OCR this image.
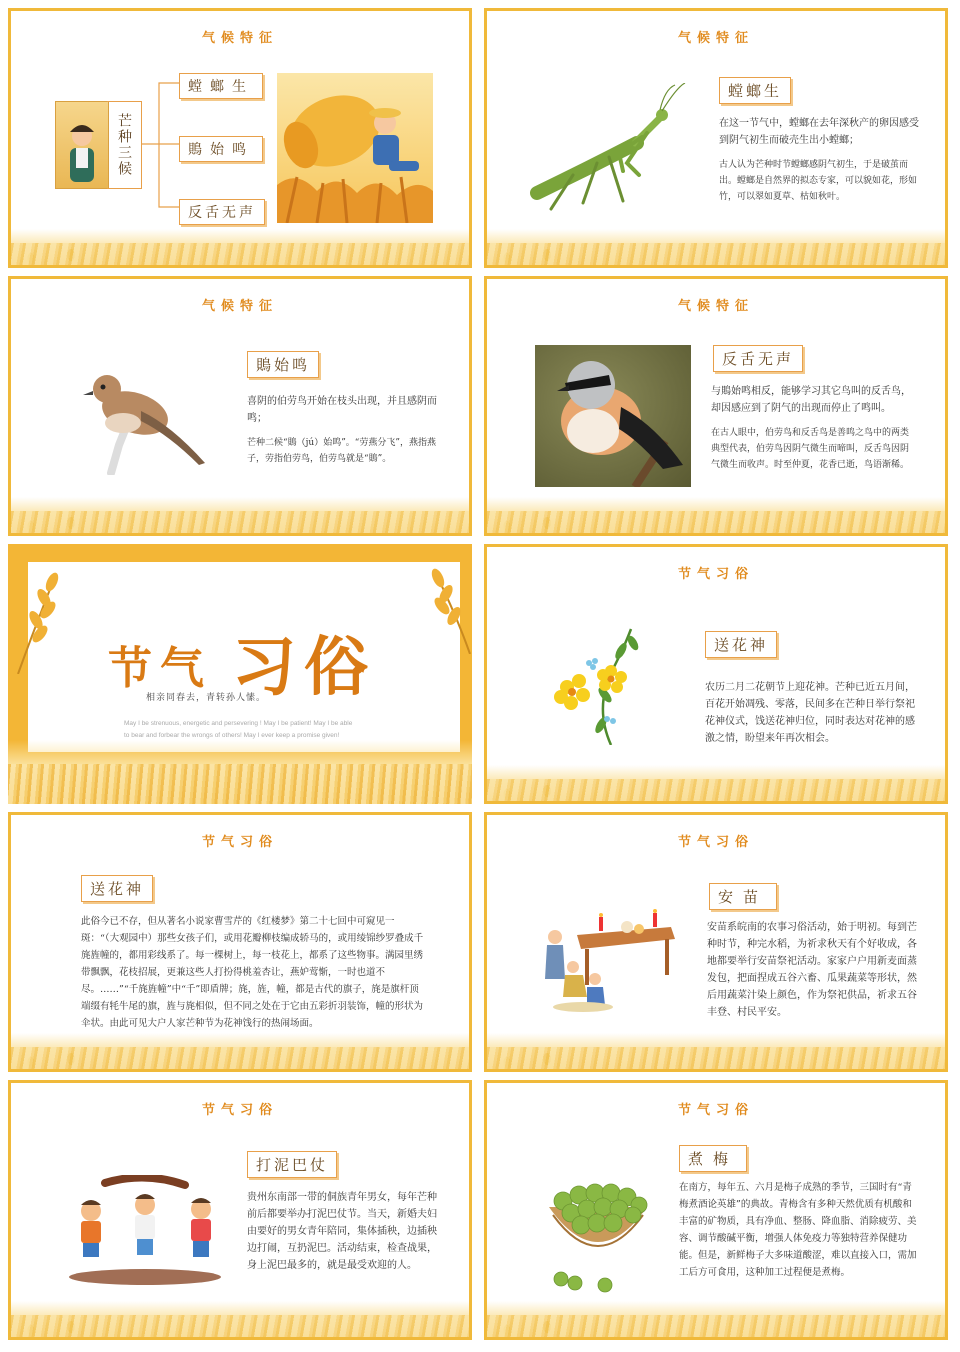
气候特征
芒种三候
螳螂生
鵙始鸣
反舌无声
气候特征
螳螂生

在这一节气中，螳螂在去年深秋产的卵因感受到阴气初生而破壳生出小螳螂；

古人认为芒种时节螳螂感阴气初生，于是破茧而出。螳螂是自然界的拟态专家，可以貌如花，形如竹，可以翠如夏草、枯如秋叶。

气候特征
鵙始鸣

喜阴的伯劳鸟开始在枝头出现，并且感阴而鸣；

芒种二候“鵙（jú）始鸣”。“劳燕分飞”，燕指燕子，劳指伯劳鸟，伯劳鸟就是“鵙”。

气候特征
反舌无声

与鵙始鸣相反，能够学习其它鸟叫的反舌鸟，却因感应到了阴气的出现而停止了鸣叫。

在古人眼中，伯劳鸟和反舌鸟是善鸣之鸟中的两类典型代表，伯劳鸟因阴气微生而啼叫，反舌鸟因阴气微生而收声。时至仲夏，花香已逝，鸟语渐稀。

节气 习俗
相亲同春去，青转孙人愫。
May I be strenuous, energetic and persevering ! May I be patient! May I be able
to bear and forbear the wrongs of others! May I ever keep a promise given!
节气习俗
送花神

农历二月二花朝节上迎花神。芒种已近五月间，百花开始凋残、零落，民间多在芒种日举行祭祀花神仪式，饯送花神归位，同时表达对花神的感激之情，盼望来年再次相会。

节气习俗
送花神

此俗今已不存，但从著名小说家曹雪芹的《红楼梦》第二十七回中可窥见一斑：“（大观园中）那些女孩子们，或用花瓣柳枝编成轿马的，或用绫锦纱罗叠成千旄旌幢的，都用彩线系了。每一棵树上，每一枝花上，都系了这些物事。满园里绣带飘飘，花枝招展，更兼这些人打扮得桃羞杏让，燕妒莺惭，一时也道不尽。……”“千旄旌幢”中“千”即盾牌；旄，旌，幢，都是古代的旗子，旄是旗杆顶端缀有牦牛尾的旗，旌与旄相似，但不同之处在于它由五彩折羽装饰，幢的形状为伞状。由此可见大户人家芒种节为花神饯行的热闹场面。

节气习俗
安苗

安苗系皖南的农事习俗活动，始于明初。每到芒种时节，种完水稻，为祈求秋天有个好收成，各地都要举行安苗祭祀活动。家家户户用新麦面蒸发包，把面捏成五谷六畜、瓜果蔬菜等形状，然后用蔬菜汁染上颜色，作为祭祀供品，祈求五谷丰登、村民平安。

节气习俗
打泥巴仗

贵州东南部一带的侗族青年男女，每年芒种前后都要举办打泥巴仗节。当天，新婚夫妇由要好的男女青年陪同，集体插秧，边插秧边打闹，互扔泥巴。活动结束，检查战果，身上泥巴最多的，就是最受欢迎的人。

节气习俗
煮梅

在南方，每年五、六月是梅子成熟的季节，三国时有“青梅煮酒论英雄”的典故。青梅含有多种天然优质有机酸和丰富的矿物质，具有净血、整肠、降血脂、消除疲劳、美容、调节酸碱平衡，增强人体免疫力等独特营养保健功能。但是，新鲜梅子大多味道酸涩，难以直接入口，需加工后方可食用，这种加工过程便是煮梅。
